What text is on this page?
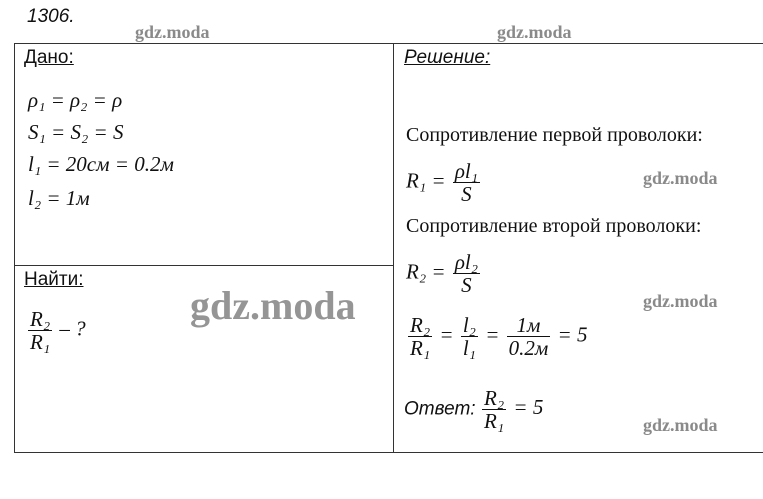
1306.
gdz.moda	gdz.moda
Дано:
ρ₁ = ρ₂ = ρ
S₁ = S₂ = S
l₁ = 20см = 0.2м
l₂ = 1м
Найти:
$\frac{\text{R₂}}{\text{R₁}}$ – ?
gdz.moda
Решение:
Сопротивление первой проволоки:
$R_1 = \frac{\text{ρl₁}}{S}$	gdz.moda
Сопротивление второй проволоки:
$R_2 = \frac{\text{ρl₂}}{S}$
gdz.moda
$\frac{\text{R₂}}{\text{R₁}} = \frac{\text{l₂}}{\text{l₁}} = \frac{1м}{0.2м} = 5$
Ответ: $\frac{\text{R₂}}{\text{R₁}} = 5$
gdz.moda
